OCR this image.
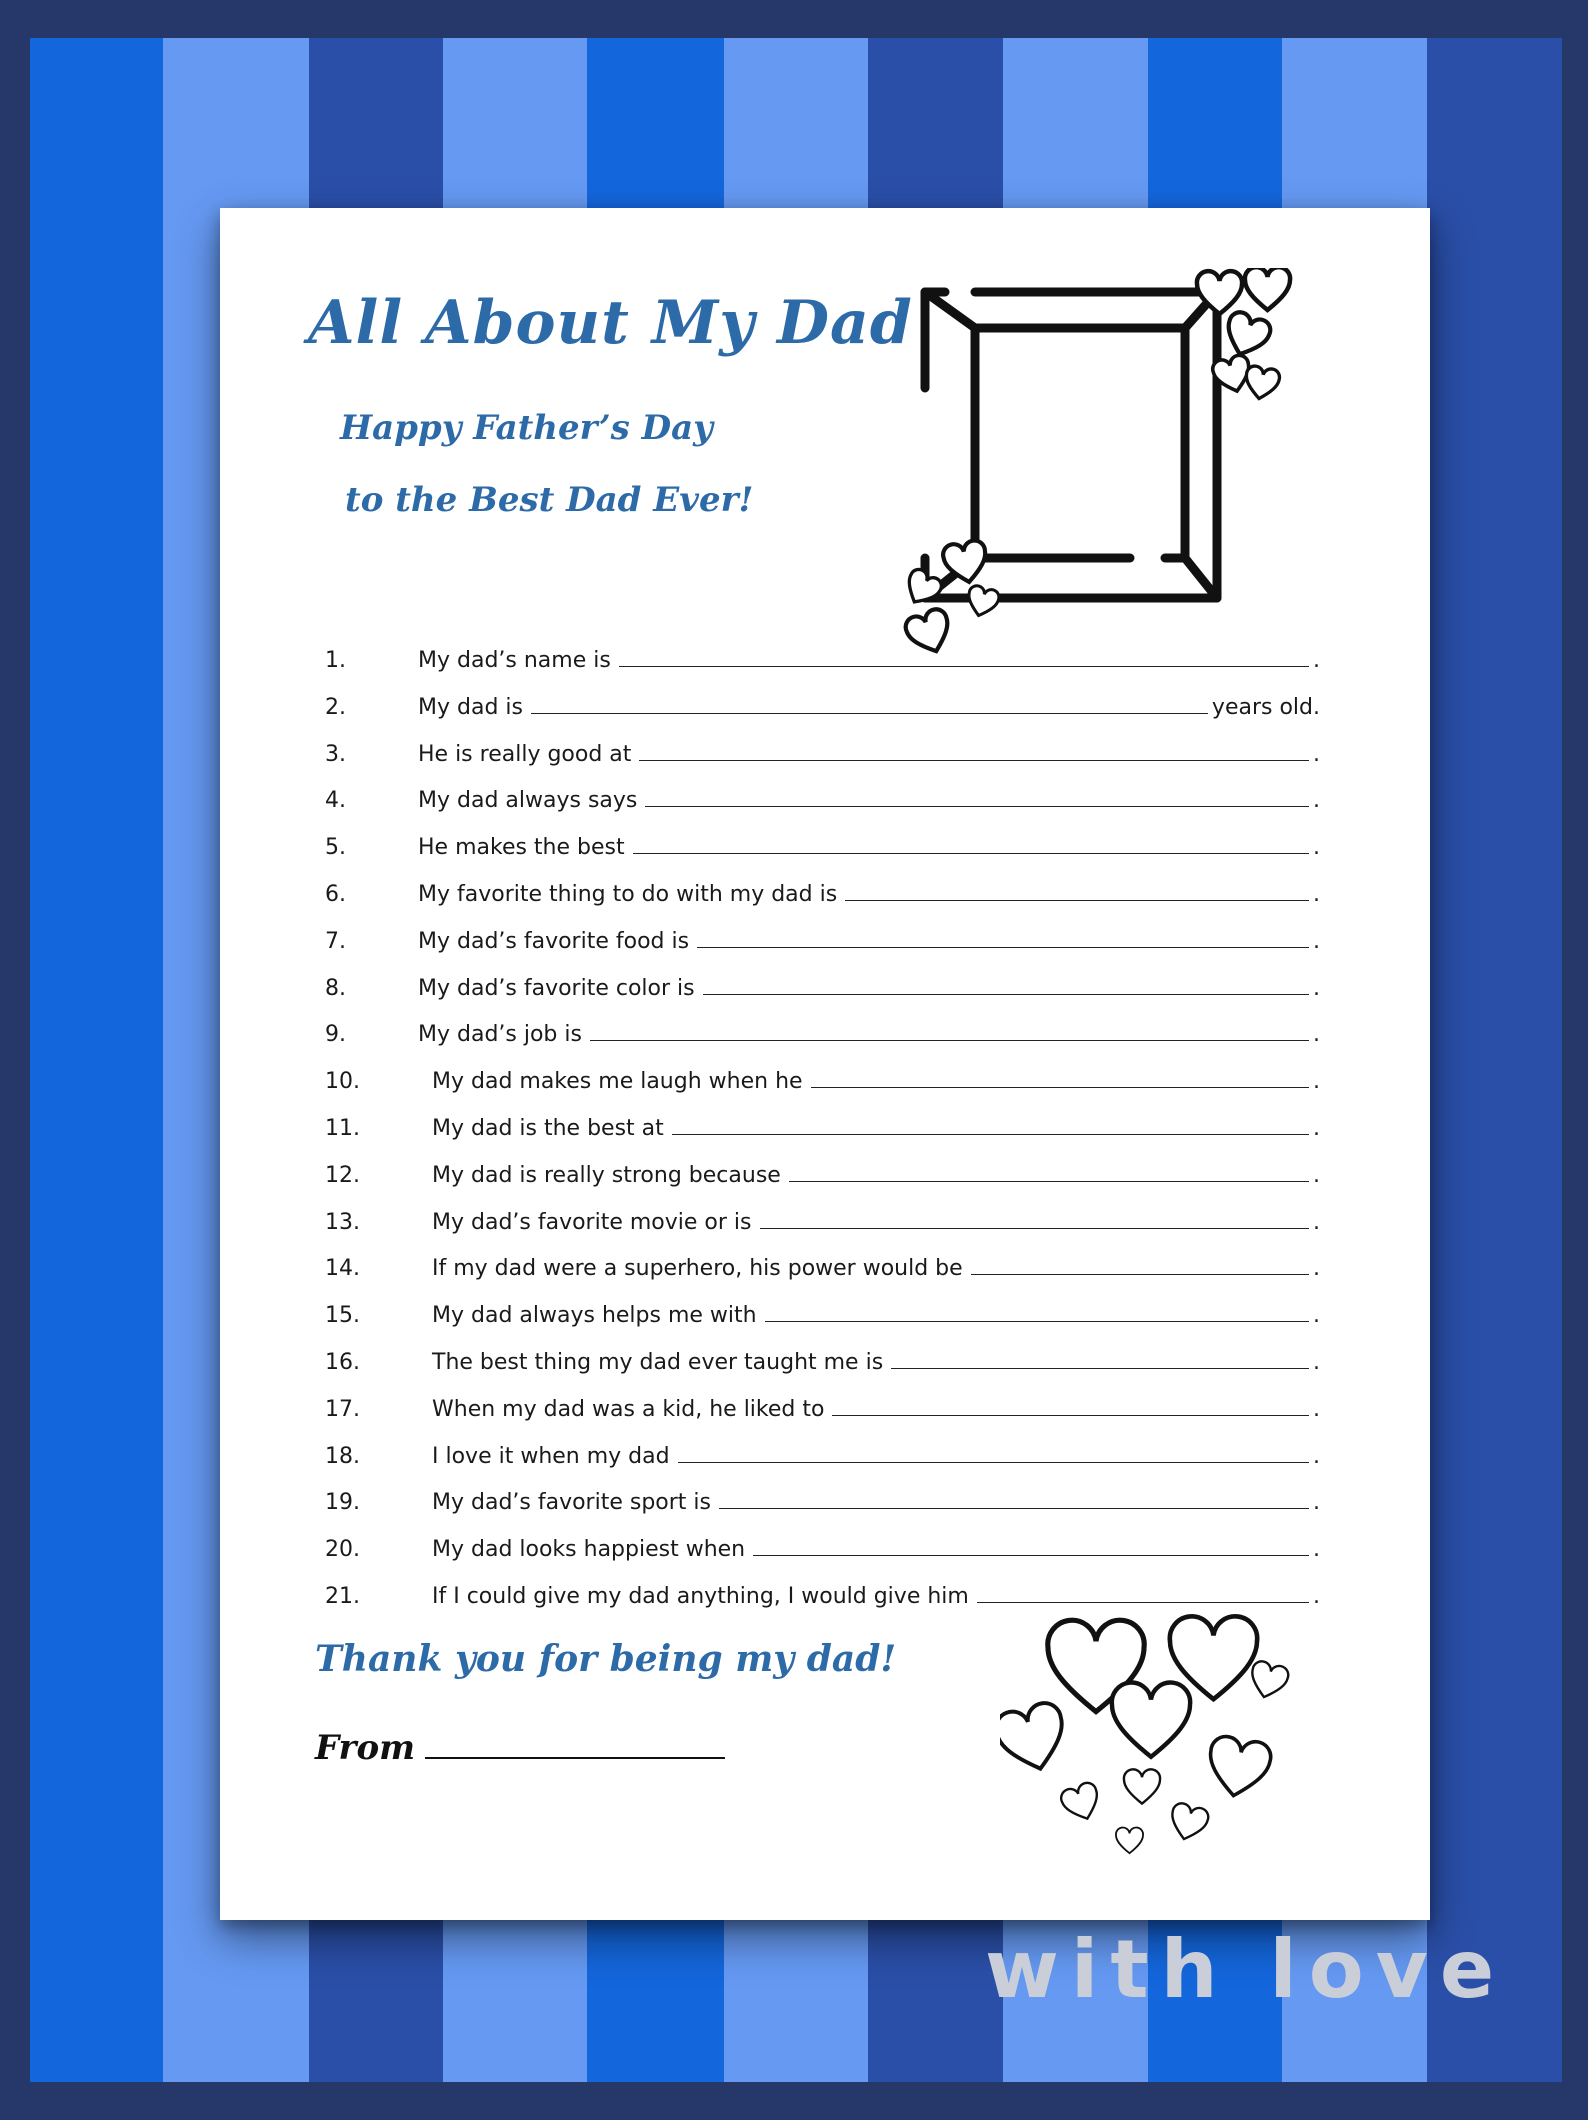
All About My Dad
Happy Father’s Day
to the Best Dad Ever!
1.	My dad’s name is	.
2.	My dad is	years old.
3.	He is really good at	.
4.	My dad always says	.
5.	He makes the best	.
6.	My favorite thing to do with my dad is	.
7.	My dad’s favorite food is	.
8.	My dad’s favorite color is	.
9.	My dad’s job is	.
10.	My dad makes me laugh when he	.
11.	My dad is the best at	.
12.	My dad is really strong because	.
13.	My dad’s favorite movie or is	.
14.	If my dad were a superhero, his power would be	.
15.	My dad always helps me with	.
16.	The best thing my dad ever taught me is	.
17.	When my dad was a kid, he liked to	.
18.	I love it when my dad	.
19.	My dad’s favorite sport is	.
20.	My dad looks happiest when	.
21.	If I could give my dad anything, I would give him	.
Thank you for being my dad!
From
with love
